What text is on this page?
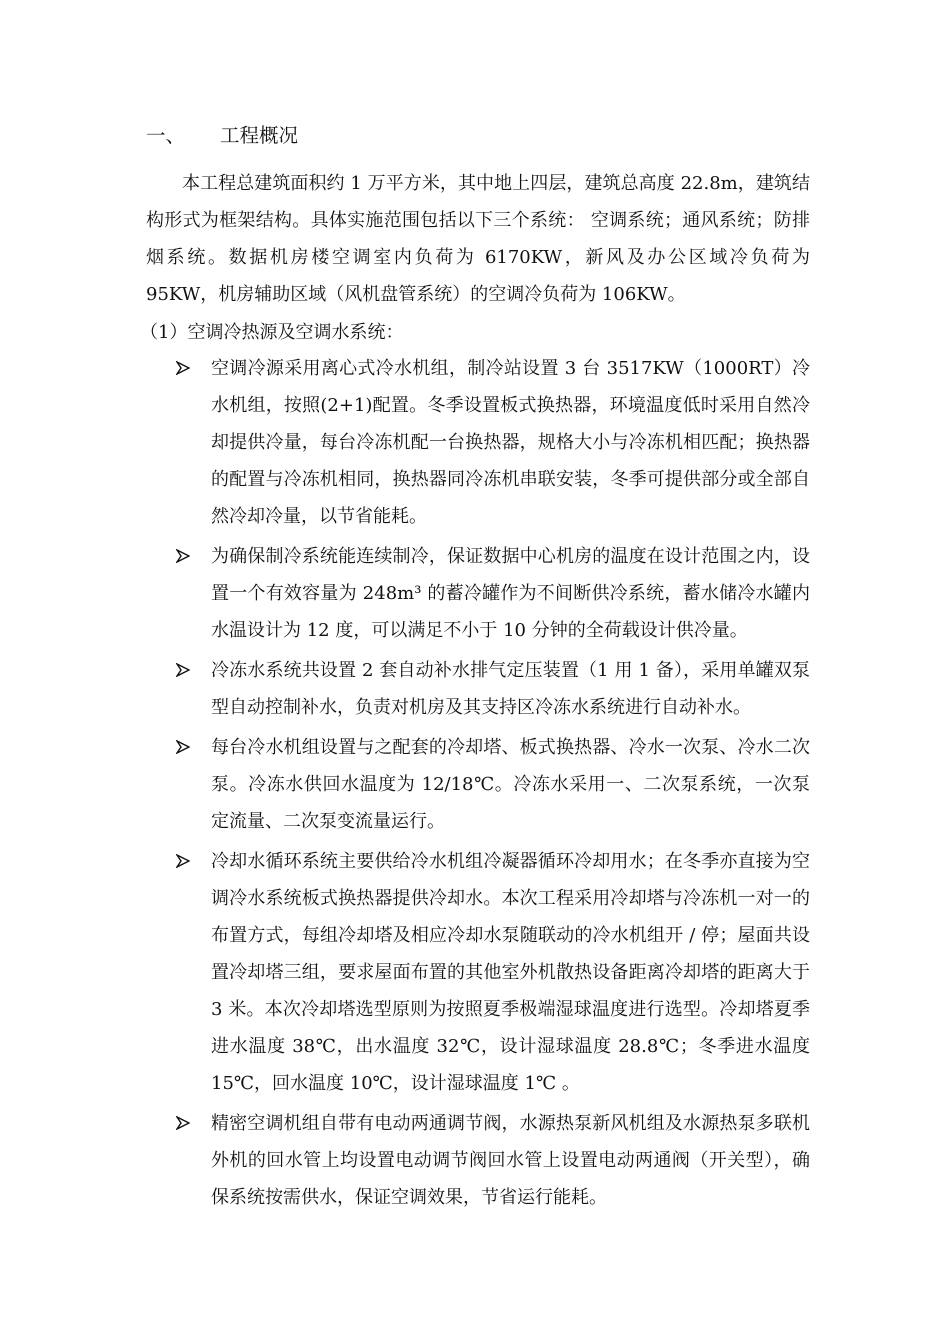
一、 工程概况
本工程总建筑面积约 1 万平方米，其中地上四层，建筑总高度 22.8m，建筑结构形式为框架结构。具体实施范围包括以下三个系统： 空调系统；通风系统；防排烟系统。数据机房楼空调室内负荷为 6170KW，新风及办公区域冷负荷为 95KW，机房辅助区域（风机盘管系统）的空调冷负荷为 106KW。
（1）空调冷热源及空调水系统：
空调冷源采用离心式冷水机组，制冷站设置 3 台 3517KW（1000RT）冷水机组，按照(2+1)配置。冬季设置板式换热器，环境温度低时采用自然冷却提供冷量，每台冷冻机配一台换热器，规格大小与冷冻机相匹配；换热器的配置与冷冻机相同，换热器同冷冻机串联安装，冬季可提供部分或全部自然冷却冷量，以节省能耗。
为确保制冷系统能连续制冷，保证数据中心机房的温度在设计范围之内，设置一个有效容量为 248m³ 的蓄冷罐作为不间断供冷系统，蓄水储冷水罐内水温设计为 12 度，可以满足不小于 10 分钟的全荷载设计供冷量。
冷冻水系统共设置 2 套自动补水排气定压装置（1 用 1 备），采用单罐双泵型自动控制补水，负责对机房及其支持区冷冻水系统进行自动补水。
每台冷水机组设置与之配套的冷却塔、板式换热器、冷水一次泵、冷水二次泵。冷冻水供回水温度为 12/18℃。冷冻水采用一、二次泵系统，一次泵定流量、二次泵变流量运行。
冷却水循环系统主要供给冷水机组冷凝器循环冷却用水；在冬季亦直接为空调冷水系统板式换热器提供冷却水。本次工程采用冷却塔与冷冻机一对一的布置方式，每组冷却塔及相应冷却水泵随联动的冷水机组开 / 停；屋面共设置冷却塔三组，要求屋面布置的其他室外机散热设备距离冷却塔的距离大于 3 米。本次冷却塔选型原则为按照夏季极端湿球温度进行选型。冷却塔夏季进水温度 38℃，出水温度 32℃，设计湿球温度 28.8℃；冬季进水温度 15℃，回水温度 10℃，设计湿球温度 1℃ 。
精密空调机组自带有电动两通调节阀，水源热泵新风机组及水源热泵多联机外机的回水管上均设置电动调节阀回水管上设置电动两通阀（开关型），确保系统按需供水，保证空调效果，节省运行能耗。
